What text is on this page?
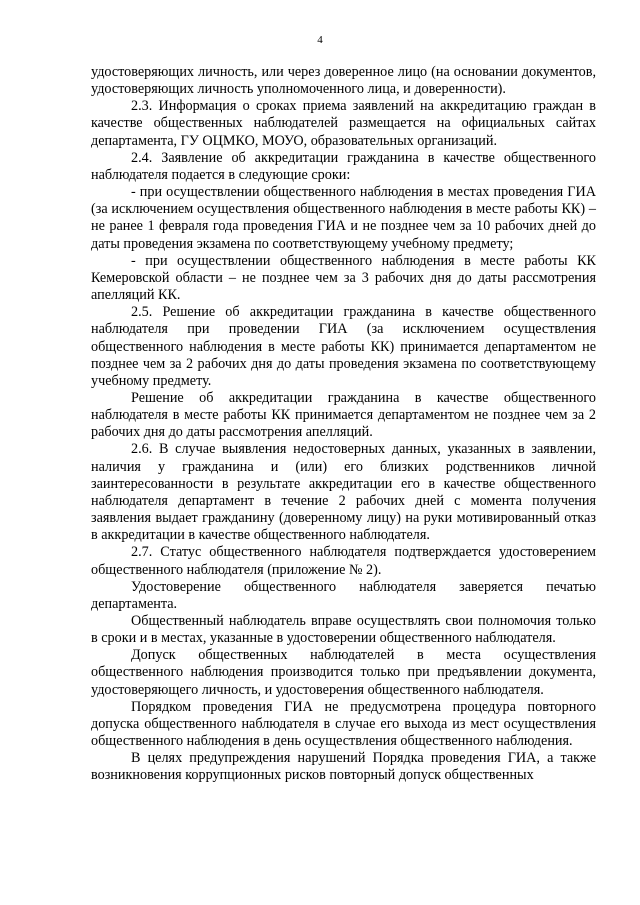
4

удостоверяющих личность, или через доверенное лицо (на основании документов, удостоверяющих личность уполномоченного лица, и доверенности).

2.3. Информация о сроках приема заявлений на аккредитацию граждан в качестве общественных наблюдателей размещается на официальных сайтах департамента, ГУ ОЦМКО, МОУО, образовательных организаций.

2.4. Заявление об аккредитации гражданина в качестве общественного наблюдателя подается в следующие сроки:

- при осуществлении общественного наблюдения в местах проведения ГИА (за исключением осуществления общественного наблюдения в месте работы КК) – не ранее 1 февраля года проведения ГИА и не позднее чем за 10 рабочих дней до даты проведения экзамена по соответствующему учебному предмету;

- при осуществлении общественного наблюдения в месте работы КК Кемеровской области – не позднее чем за 3 рабочих дня до даты рассмотрения апелляций КК.

2.5. Решение об аккредитации гражданина в качестве общественного наблюдателя при проведении ГИА (за исключением осуществления общественного наблюдения в месте работы КК) принимается департаментом не позднее чем за 2 рабочих дня до даты проведения экзамена по соответствующему учебному предмету.

Решение об аккредитации гражданина в качестве общественного наблюдателя в месте работы КК принимается департаментом не позднее чем за 2 рабочих дня до даты рассмотрения апелляций.

2.6. В случае выявления недостоверных данных, указанных в заявлении, наличия у гражданина и (или) его близких родственников личной заинтересованности в результате аккредитации его в качестве общественного наблюдателя департамент в течение 2 рабочих дней с момента получения заявления выдает гражданину (доверенному лицу) на руки мотивированный отказ в аккредитации в качестве общественного наблюдателя.

2.7. Статус общественного наблюдателя подтверждается удостоверением общественного наблюдателя (приложение № 2).

Удостоверение общественного наблюдателя заверяется печатью департамента.

Общественный наблюдатель вправе осуществлять свои полномочия только в сроки и в местах, указанные в удостоверении общественного наблюдателя.

Допуск общественных наблюдателей в места осуществления общественного наблюдения производится только при предъявлении документа, удостоверяющего личность, и удостоверения общественного наблюдателя.

Порядком проведения ГИА не предусмотрена процедура повторного допуска общественного наблюдателя в случае его выхода из мест осуществления общественного наблюдения в день осуществления общественного наблюдения.

В целях предупреждения нарушений Порядка проведения ГИА, а также возникновения коррупционных рисков повторный допуск общественных
